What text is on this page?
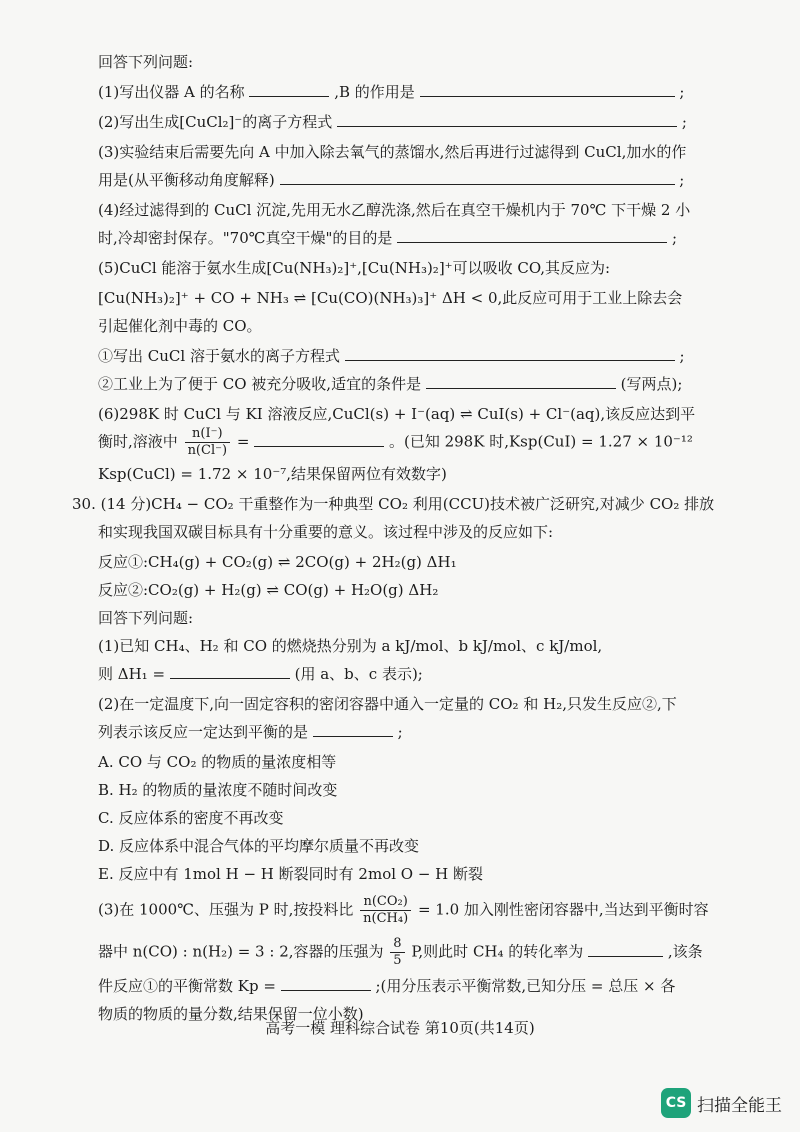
回答下列问题:
(1)写出仪器 A 的名称	,B 的作用是	;
(2)写出生成[CuCl₂]⁻的离子方程式	;
(3)实验结束后需要先向 A 中加入除去氧气的蒸馏水,然后再进行过滤得到 CuCl,加水的作
用是(从平衡移动角度解释)	;
(4)经过滤得到的 CuCl 沉淀,先用无水乙醇洗涤,然后在真空干燥机内于 70℃ 下干燥 2 小
时,冷却密封保存。"70℃真空干燥"的目的是	;
(5)CuCl 能溶于氨水生成[Cu(NH₃)₂]⁺,[Cu(NH₃)₂]⁺可以吸收 CO,其反应为:
[Cu(NH₃)₂]⁺ + CO + NH₃ ⇌ [Cu(CO)(NH₃)₃]⁺ ΔH < 0,此反应可用于工业上除去会
引起催化剂中毒的 CO。
①写出 CuCl 溶于氨水的离子方程式	;
②工业上为了便于 CO 被充分吸收,适宜的条件是	(写两点);
(6)298K 时 CuCl 与 KI 溶液反应,CuCl(s) + I⁻(aq) ⇌ CuI(s) + Cl⁻(aq),该反应达到平
衡时,溶液中 $\frac{n(I^-)}{n(Cl^-)}$ =	。(已知 298K 时,Ksp(CuI) = 1.27 × 10⁻¹²
Ksp(CuCl) = 1.72 × 10⁻⁷,结果保留两位有效数字)
30. (14 分)CH₄ − CO₂ 干重整作为一种典型 CO₂ 利用(CCU)技术被广泛研究,对减少 CO₂ 排放
和实现我国双碳目标具有十分重要的意义。该过程中涉及的反应如下:
反应①:CH₄(g) + CO₂(g) ⇌ 2CO(g) + 2H₂(g) ΔH₁
反应②:CO₂(g) + H₂(g) ⇌ CO(g) + H₂O(g) ΔH₂
回答下列问题:
(1)已知 CH₄、H₂ 和 CO 的燃烧热分别为 a kJ/mol、b kJ/mol、c kJ/mol,
则 ΔH₁ =	(用 a、b、c 表示);
(2)在一定温度下,向一固定容积的密闭容器中通入一定量的 CO₂ 和 H₂,只发生反应②,下
列表示该反应一定达到平衡的是	;
A. CO 与 CO₂ 的物质的量浓度相等
B. H₂ 的物质的量浓度不随时间改变
C. 反应体系的密度不再改变
D. 反应体系中混合气体的平均摩尔质量不再改变
E. 反应中有 1mol H − H 断裂同时有 2mol O − H 断裂
(3)在 1000℃、压强为 P 时,按投料比 $\frac{\text{n(CO₂)}}{\text{n(CH₄)}} = 1.0$ 加入刚性密闭容器中,当达到平衡时容
器中 n(CO) : n(H₂) = 3 : 2,容器的压强为 $\frac{8}{5} P$,则此时 CH₄ 的转化率为	,该条
件反应①的平衡常数 Kp =	;(用分压表示平衡常数,已知分压 = 总压 × 各
物质的物质的量分数,结果保留一位小数)
高考一模 理科综合试卷 第10页(共14页)
CS 扫描全能王
